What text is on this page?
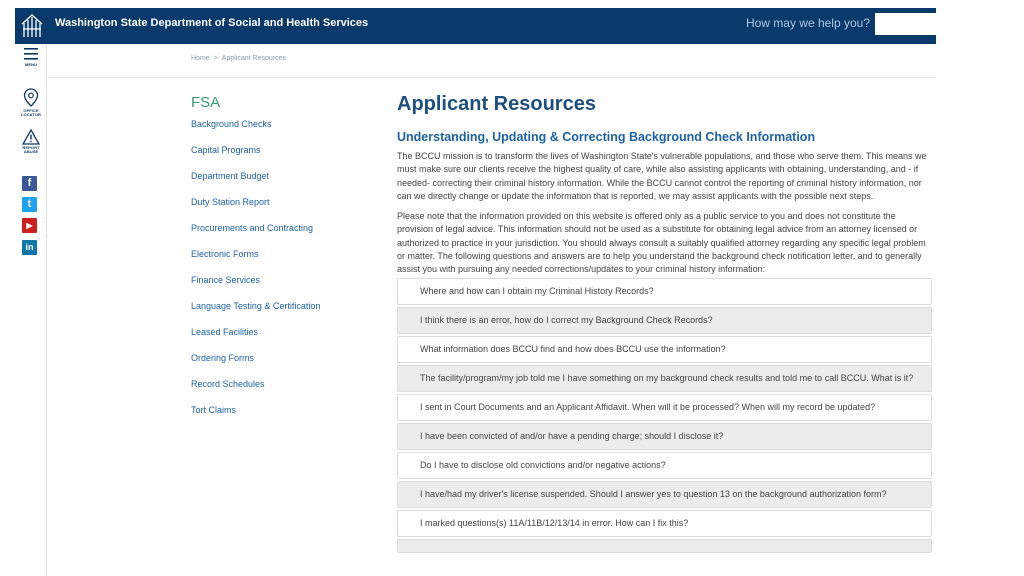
Washington State Department of Social and Health Services	How may we help you?
MENU
OFFICE LOCATOR
REPORT ABUSE
f
t
▶
in
Home > Applicant Resources
FSA
Background Checks
Capital Programs
Department Budget
Duty Station Report
Procurements and Contracting
Electronic Forms
Finance Services
Language Testing & Certification
Leased Facilities
Ordering Forms
Record Schedules
Tort Claims
Applicant Resources
Understanding, Updating & Correcting Background Check Information

The BCCU mission is to transform the lives of Washington State's vulnerable populations, and those who serve them. This means we must make sure our clients receive the highest quality of care, while also assisting applicants with obtaining, understanding, and - if needed- correcting their criminal history information. While the BCCU cannot control the reporting of criminal history information, nor can we directly change or update the information that is reported, we may assist applicants with the possible next steps.

Please note that the information provided on this website is offered only as a public service to you and does not constitute the provision of legal advice. This information should not be used as a substitute for obtaining legal advice from an attorney licensed or authorized to practice in your jurisdiction. You should always consult a suitably qualified attorney regarding any specific legal problem or matter. The following questions and answers are to help you understand the background check notification letter, and to generally assist you with pursuing any needed corrections/updates to your criminal history information:

Where and how can I obtain my Criminal History Records?
I think there is an error, how do I correct my Background Check Records?
What information does BCCU find and how does BCCU use the information?
The facility/program/my job told me I have something on my background check results and told me to call BCCU. What is it?
I sent in Court Documents and an Applicant Affidavit. When will it be processed? When will my record be updated?
I have been convicted of and/or have a pending charge; should I disclose it?
Do I have to disclose old convictions and/or negative actions?
I have/had my driver's license suspended. Should I answer yes to question 13 on the background authorization form?
I marked questions(s) 11A/11B/12/13/14 in error. How can I fix this?
